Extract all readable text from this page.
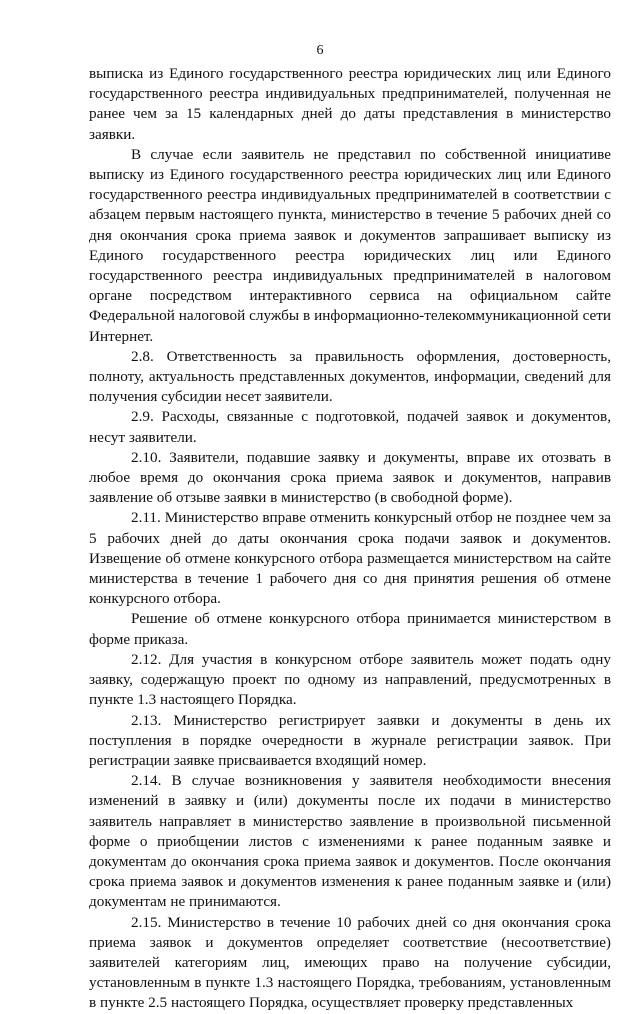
6

выписка из Единого государственного реестра юридических лиц или Единого государственного реестра индивидуальных предпринимателей, полученная не ранее чем за 15 календарных дней до даты представления в министерство заявки.

В случае если заявитель не представил по собственной инициативе выписку из Единого государственного реестра юридических лиц или Единого государственного реестра индивидуальных предпринимателей в соответствии с абзацем первым настоящего пункта, министерство в течение 5 рабочих дней со дня окончания срока приема заявок и документов запрашивает выписку из Единого государственного реестра юридических лиц или Единого государственного реестра индивидуальных предпринимателей в налоговом органе посредством интерактивного сервиса на официальном сайте Федеральной налоговой службы в информационно-телекоммуникационной сети Интернет.

2.8. Ответственность за правильность оформления, достоверность, полноту, актуальность представленных документов, информации, сведений для получения субсидии несет заявители.

2.9. Расходы, связанные с подготовкой, подачей заявок и документов, несут заявители.

2.10. Заявители, подавшие заявку и документы, вправе их отозвать в любое время до окончания срока приема заявок и документов, направив заявление об отзыве заявки в министерство (в свободной форме).

2.11. Министерство вправе отменить конкурсный отбор не позднее чем за 5 рабочих дней до даты окончания срока подачи заявок и документов. Извещение об отмене конкурсного отбора размещается министерством на сайте министерства в течение 1 рабочего дня со дня принятия решения об отмене конкурсного отбора.

Решение об отмене конкурсного отбора принимается министерством в форме приказа.

2.12. Для участия в конкурсном отборе заявитель может подать одну заявку, содержащую проект по одному из направлений, предусмотренных в пункте 1.3 настоящего Порядка.

2.13. Министерство регистрирует заявки и документы в день их поступления в порядке очередности в журнале регистрации заявок. При регистрации заявке присваивается входящий номер.

2.14. В случае возникновения у заявителя необходимости внесения изменений в заявку и (или) документы после их подачи в министерство заявитель направляет в министерство заявление в произвольной письменной форме о приобщении листов с изменениями к ранее поданным заявке и документам до окончания срока приема заявок и документов. После окончания срока приема заявок и документов изменения к ранее поданным заявке и (или) документам не принимаются.

2.15. Министерство в течение 10 рабочих дней со дня окончания срока приема заявок и документов определяет соответствие (несоответствие) заявителей категориям лиц, имеющих право на получение субсидии, установленным в пункте 1.3 настоящего Порядка, требованиям, установленным в пункте 2.5 настоящего Порядка, осуществляет проверку представленных
